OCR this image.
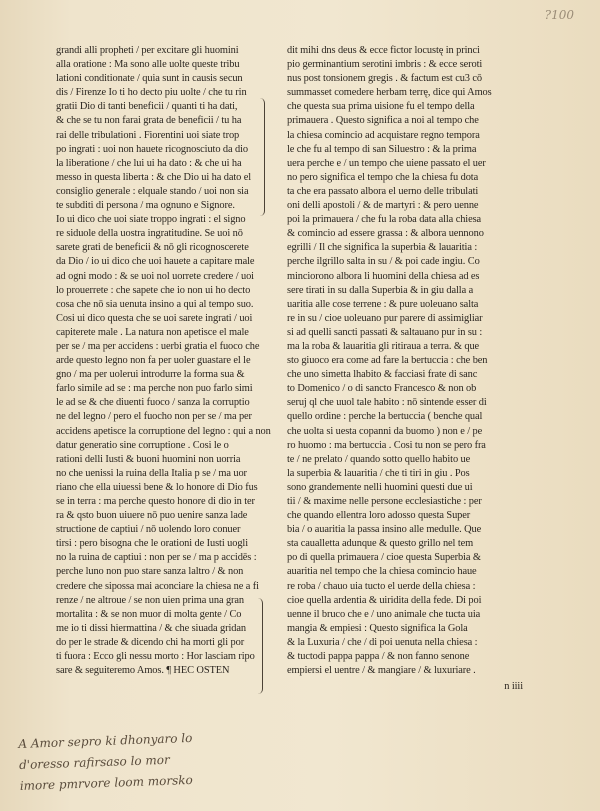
?100
grandi alli propheti / per excitare gli huomini
alla oratione : Ma sono alle uolte queste tribu
lationi conditionate / quia sunt in causis secun
dis / Firenze Io ti ho decto piu uolte / che tu rin
gratii Dio di tanti beneficii / quanti ti ha dati,
& che se tu non farai grata de beneficii / tu ha
rai delle tribulationi . Fiorentini uoi siate trop
po ingrati : uoi non hauete ricognosciuto da dio
la liberatione / che lui ui ha dato : & che ui ha
messo in questa liberta : & che Dio ui ha dato el
consiglio generale : elquale stando / uoi non sia
te subditi di persona / ma ognuno e Signore.
Io ui dico che uoi siate troppo ingrati : el signo
re siduole della uostra ingratitudine. Se uoi nō
sarete grati de beneficii & nō gli ricognoscerete
da Dio / io ui dico che uoi hauete a capitare male
ad ogni modo : & se uoi nol uorrete credere / uoi
lo prouerrete : che sapete che io non ui ho decto
cosa che nō sia uenuta insino a qui al tempo suo.
Cosi ui dico questa che se uoi sarete ingrati / uoi
capiterete male . La natura non apetisce el male
per se / ma per accidens : uerbi gratia el fuoco che
arde questo legno non fa per uoler guastare el le
gno / ma per uolerui introdurre la forma sua &
farlo simile ad se : ma perche non puo farlo simi
le ad se & che diuenti fuoco / sanza la corruptio
ne del legno / pero el fuocho non per se / ma per
accidens apetisce la corruptione del legno : qui a non
datur generatio sine corruptione . Cosi le o
rationi delli Iusti & buoni huomini non uorria
no che uenissi la ruina della Italia p se / ma uor
riano che ella uiuessi bene & lo honore di Dio fus
se in terra : ma perche questo honore di dio in ter
ra & qsto buon uiuere nō puo uenire sanza lade
structione de captiui / nō uolendo loro conuer
tirsi : pero bisogna che le orationi de Iusti uogli
no la ruina de captiui : non per se / ma p accidēs :
perche luno non puo stare sanza laltro / & non
credere che sipossa mai aconciare la chiesa ne a fi
renze / ne altroue / se non uien prima una gran
mortalita : & se non muor di molta gente / Co
me io ti dissi hiermattina / & che siuada gridan
do per le strade & dicendo chi ha morti gli por
ti fuora : Ecco gli nessu morto : Hor lasciam ripo
sare & seguiteremo Amos. ¶ HEC OSTEN
dit mihi dns deus & ecce fictor locustę in princi
pio germinantium serotini imbris : & ecce seroti
nus post tonsionem gregis . & factum est cu3 cō
summasset comedere herbam terrę, dice qui Amos
che questa sua prima uisione fu el tempo della
primauera . Questo significa a noi al tempo che
la chiesa comincio ad acquistare regno tempora
le che fu al tempo di san Siluestro : & la prima
uera perche e / un tempo che uiene passato el uer
no pero significa el tempo che la chiesa fu dota
ta che era passato albora el uerno delle tribulati
oni delli apostoli / & de martyri : & pero uenne
poi la primauera / che fu la roba data alla chiesa
& comincio ad essere grassa : & albora uennono
egrilli / Il che significa la superbia & lauaritia :
perche ilgrillo salta in su / & poi cade ingiu. Co
minciorono albora li huomini della chiesa ad es
sere tirati in su dalla Superbia & in giu dalla a
uaritia alle cose terrene : & pure uoleuano salta
re in su / cioe uoleuano pur parere di assimigliar
si ad quelli sancti passati & saltauano pur in su :
ma la roba & lauaritia gli ritiraua a terra. & que
sto giuoco era come ad fare la bertuccia : che ben
che uno simetta lhabito & facciasi frate di sanc
to Domenico / o di sancto Francesco & non ob
seruj ql che uuol tale habito : nō sintende esser di
quello ordine : perche la bertuccia ( benche qual
che uolta si uesta copanni da buomo ) non e / pe
ro huomo : ma bertuccia . Cosi tu non se pero fra
te / ne prelato / quando sotto quello habito ue
la superbia & lauaritia / che ti tiri in giu . Pos
sono grandemente nelli huomini questi due ui
tii / & maxime nelle persone ecclesiastiche : per
che quando ellentra loro adosso questa Super
bia / o auaritia la passa insino alle medulle. Que
sta caualletta adunque & questo grillo nel tem
po di quella primauera / cioe questa Superbia &
auaritia nel tempo che la chiesa comincio haue
re roba / chauo uia tucto el uerde della chiesa :
cioe quella ardentia & uiridita della fede. Di poi
uenne il bruco che e / uno animale che tucta uia
mangia & empiesi : Questo significa la Gola
& la Luxuria / che / di poi uenuta nella chiesa :
& tuctodi pappa pappa / & non fanno senone
empiersi el uentre / & mangiare / & luxuriare .
n iiii
A Amor sepro ki dhonyaro lo
d'oresso rafirsaso lo mor
imore pmrvore loom morsko
